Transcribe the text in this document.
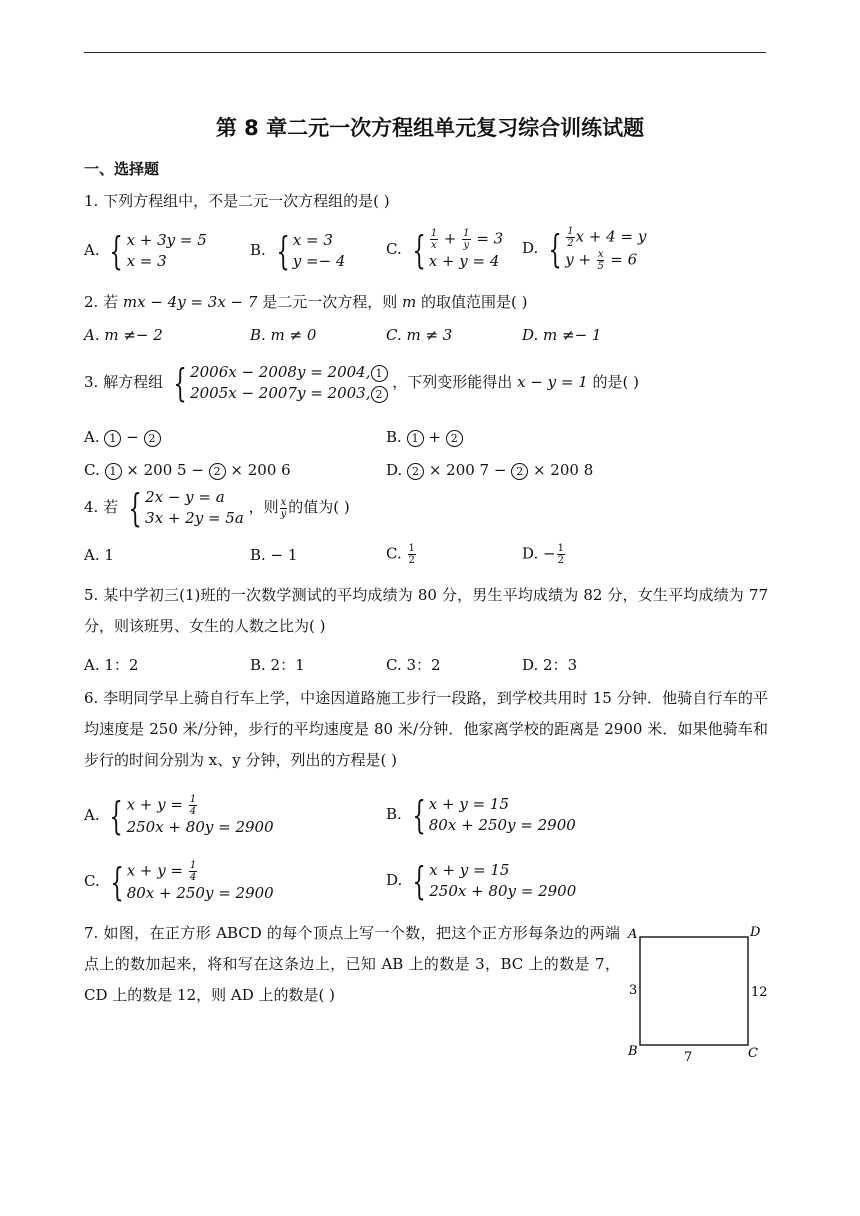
第 8 章二元一次方程组单元复习综合训练试题
一、选择题
1. 下列方程组中，不是二元一次方程组的是( )
A. { x + 3y = 5
x = 3
B. { x = 3
y =− 4
C. { $\frac{1}{x} + \frac{1}{y} = 3$
x + y = 4
D. { $\frac{1}{2}$ x + 4 = y
$y + \frac{x}{5} = 6$
2. 若 mx − 4y = 3x − 7 是二元一次方程，则 m 的取值范围是( )
A. m ≠− 2	B. m ≠ 0	C. m ≠ 3	D. m ≠− 1
3. 解方程组 { 2006x − 2008y = 2004, 1
2005x − 2007y = 2003, 2
，下列变形能得出 x − y = 1 的是( )
A. 1 − 2	B. 1 + 2
C. 1 × 200 5 − 2 × 200 6	D. 2 × 200 7 − 2 × 200 8
4. 若 { 2x − y = a
3x + 2y = 5a
，则 $\frac{x}{y}$ 的值为( )
A. 1	B. − 1	C. $\frac{1}{2}$	D. − $\frac{1}{2}$
5. 某中学初三(1)班的一次数学测试的平均成绩为 80 分，男生平均成绩为 82 分，女生平均成绩为 77 分，则该班男、女生的人数之比为( )
A. 1：2	B. 2：1	C. 3：2	D. 2：3
6. 李明同学早上骑自行车上学，中途因道路施工步行一段路，到学校共用时 15 分钟．他骑自行车的平均速度是 250 米/分钟，步行的平均速度是 80 米/分钟．他家离学校的距离是 2900 米．如果他骑车和步行的时间分别为 x、y 分钟，列出的方程是( )
A. { $x + y = \frac{1}{4}$
250x + 80y = 2900
B. { x + y = 15
80x + 250y = 2900
C. { $x + y = \frac{1}{4}$
80x + 250y = 2900
D. { x + y = 15
250x + 80y = 2900
7. 如图，在正方形 ABCD 的每个顶点上写一个数，把这个正方形每条边的两端点上的数加起来，将和写在这条边上，已知 AB 上的数是 3，BC 上的数是 7，CD 上的数是 12，则 AD 上的数是( )
A	D
B	C
3	12
7
